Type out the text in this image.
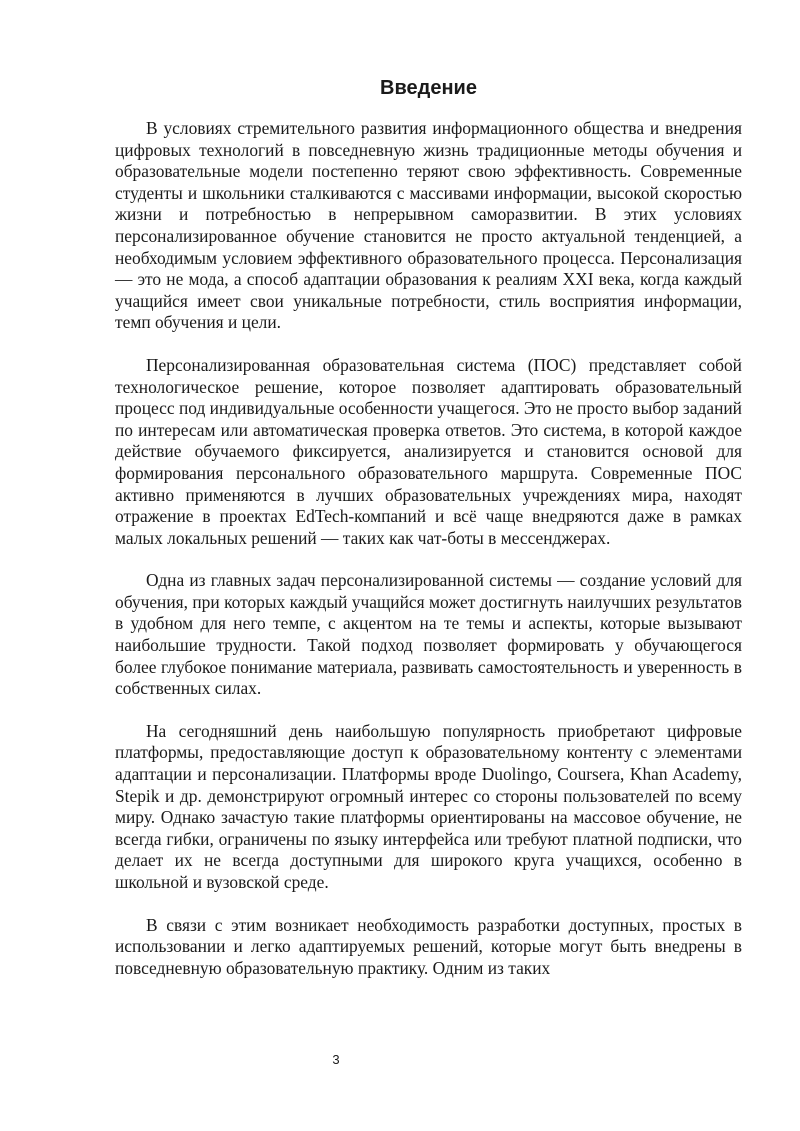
Введение

В условиях стремительного развития информационного общества и внедрения цифровых технологий в повседневную жизнь традиционные методы обучения и образовательные модели постепенно теряют свою эффективность. Современные студенты и школьники сталкиваются с массивами информации, высокой скоростью жизни и потребностью в непрерывном саморазвитии. В этих условиях персонализированное обучение становится не просто актуальной тенденцией, а необходимым условием эффективного образовательного процесса. Персонализация — это не мода, а способ адаптации образования к реалиям XXI века, когда каждый учащийся имеет свои уникальные потребности, стиль восприятия информации, темп обучения и цели.

Персонализированная образовательная система (ПОС) представляет собой технологическое решение, которое позволяет адаптировать образовательный процесс под индивидуальные особенности учащегося. Это не просто выбор заданий по интересам или автоматическая проверка ответов. Это система, в которой каждое действие обучаемого фиксируется, анализируется и становится основой для формирования персонального образовательного маршрута. Современные ПОС активно применяются в лучших образовательных учреждениях мира, находят отражение в проектах EdTech-компаний и всё чаще внедряются даже в рамках малых локальных решений — таких как чат-боты в мессенджерах.

Одна из главных задач персонализированной системы — создание условий для обучения, при которых каждый учащийся может достигнуть наилучших результатов в удобном для него темпе, с акцентом на те темы и аспекты, которые вызывают наибольшие трудности. Такой подход позволяет формировать у обучающегося более глубокое понимание материала, развивать самостоятельность и уверенность в собственных силах.

На сегодняшний день наибольшую популярность приобретают цифровые платформы, предоставляющие доступ к образовательному контенту с элементами адаптации и персонализации. Платформы вроде Duolingo, Coursera, Khan Academy, Stepik и др. демонстрируют огромный интерес со стороны пользователей по всему миру. Однако зачастую такие платформы ориентированы на массовое обучение, не всегда гибки, ограничены по языку интерфейса или требуют платной подписки, что делает их не всегда доступными для широкого круга учащихся, особенно в школьной и вузовской среде.

В связи с этим возникает необходимость разработки доступных, простых в использовании и легко адаптируемых решений, которые могут быть внедрены в повседневную образовательную практику. Одним из таких

3
